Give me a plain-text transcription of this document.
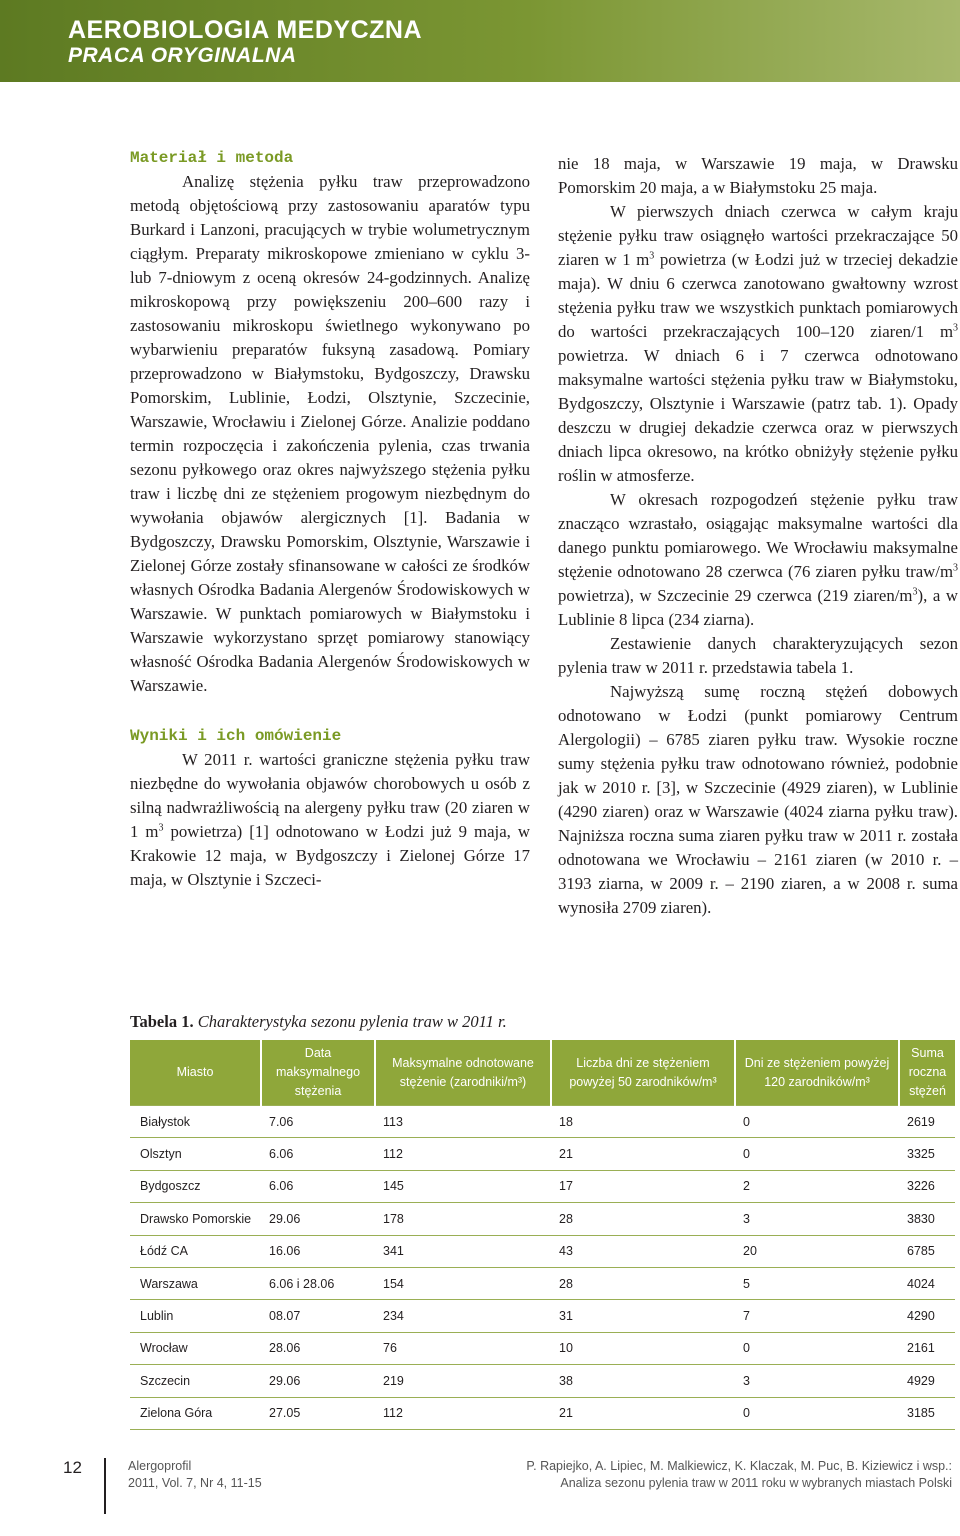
AEROBIOLOGIA MEDYCZNA
PRACA ORYGINALNA
Materiał i metoda

Analizę stężenia pyłku traw przeprowadzono metodą objętościową przy zastosowaniu aparatów typu Burkard i Lanzoni, pracujących w trybie wolumetrycznym ciągłym. Preparaty mikroskopowe zmieniano w cyklu 3- lub 7-dniowym z oceną okresów 24-godzinnych. Analizę mikroskopową przy powiększeniu 200–600 razy i zastosowaniu mikroskopu świetlnego wykonywano po wybarwieniu preparatów fuksyną zasadową. Pomiary przeprowadzono w Białymstoku, Bydgoszczy, Drawsku Pomorskim, Lublinie, Łodzi, Olsztynie, Szczecinie, Warszawie, Wrocławiu i Zielonej Górze. Analizie poddano termin rozpoczęcia i zakończenia pylenia, czas trwania sezonu pyłkowego oraz okres najwyższego stężenia pyłku traw i liczbę dni ze stężeniem progowym niezbędnym do wywołania objawów alergicznych [1]. Badania w Bydgoszczy, Drawsku Pomorskim, Olsztynie, Warszawie i Zielonej Górze zostały sfinansowane w całości ze środków własnych Ośrodka Badania Alergenów Środowiskowych w Warszawie. W punktach pomiarowych w Białymstoku i Warszawie wykorzystano sprzęt pomiarowy stanowiący własność Ośrodka Badania Alergenów Środowiskowych w Warszawie.

Wyniki i ich omówienie

W 2011 r. wartości graniczne stężenia pyłku traw niezbędne do wywołania objawów chorobowych u osób z silną nadwrażliwością na alergeny pyłku traw (20 ziaren w 1 $m^3$ powietrza) [1] odnotowano w Łodzi już 9 maja, w Krakowie 12 maja, w Bydgoszczy i Zielonej Górze 17 maja, w Olsztynie i Szczeci-

nie 18 maja, w Warszawie 19 maja, w Drawsku Pomorskim 20 maja, a w Białymstoku 25 maja.

W pierwszych dniach czerwca w całym kraju stężenie pyłku traw osiągnęło wartości przekraczające 50 ziaren w 1 $m^3$ powietrza (w Łodzi już w trzeciej dekadzie maja). W dniu 6 czerwca zanotowano gwałtowny wzrost stężenia pyłku traw we wszystkich punktach pomiarowych do wartości przekraczających 100–120 ziaren/1 $m^3$ powietrza. W dniach 6 i 7 czerwca odnotowano maksymalne wartości stężenia pyłku traw w Białymstoku, Bydgoszczy, Olsztynie i Warszawie (patrz tab. 1). Opady deszczu w drugiej dekadzie czerwca oraz w pierwszych dniach lipca okresowo, na krótko obniżyły stężenie pyłku roślin w atmosferze.

W okresach rozpogodzeń stężenie pyłku traw znacząco wzrastało, osiągając maksymalne wartości dla danego punktu pomiarowego. We Wrocławiu maksymalne stężenie odnotowano 28 czerwca (76 ziaren pyłku traw/$m^3$ powietrza), w Szczecinie 29 czerwca (219 ziaren/$m^3$), a w Lublinie 8 lipca (234 ziarna).

Zestawienie danych charakteryzujących sezon pylenia traw w 2011 r. przedstawia tabela 1.

Najwyższą sumę roczną stężeń dobowych odnotowano w Łodzi (punkt pomiarowy Centrum Alergologii) – 6785 ziaren pyłku traw. Wysokie roczne sumy stężenia pyłku traw odnotowano również, podobnie jak w 2010 r. [3], w Szczecinie (4929 ziaren), w Lublinie (4290 ziaren) oraz w Warszawie (4024 ziarna pyłku traw). Najniższa roczna suma ziaren pyłku traw w 2011 r. została odnotowana we Wrocławiu – 2161 ziaren (w 2010 r. – 3193 ziarna, w 2009 r. – 2190 ziaren, a w 2008 r. suma wynosiła 2709 ziaren).

Tabela 1. Charakterystyka sezonu pylenia traw w 2011 r.
Miasto	Data maksymalnego stężenia	Maksymalne odnotowane stężenie (zarodniki/m³)	Liczba dni ze stężeniem powyżej 50 zarodników/m³	Dni ze stężeniem powyżej 120 zarodników/m³	Suma rocznа stężeń
Białystok	7.06	113	18	0	2619
Olsztyn	6.06	112	21	0	3325
Bydgoszcz	6.06	145	17	2	3226
Drawsko Pomorskie	29.06	178	28	3	3830
Łódź CA	16.06	341	43	20	6785
Warszawa	6.06 i 28.06	154	28	5	4024
Lublin	08.07	234	31	7	4290
Wrocław	28.06	76	10	0	2161
Szczecin	29.06	219	38	3	4929
Zielona Góra	27.05	112	21	0	3185
12	Alergoprofil
2011, Vol. 7, Nr 4, 11-15
P. Rapiejko, A. Lipiec, M. Malkiewicz, K. Klaczak, M. Puc, B. Kiziewicz i wsp.:
Analiza sezonu pylenia traw w 2011 roku w wybranych miastach Polski
